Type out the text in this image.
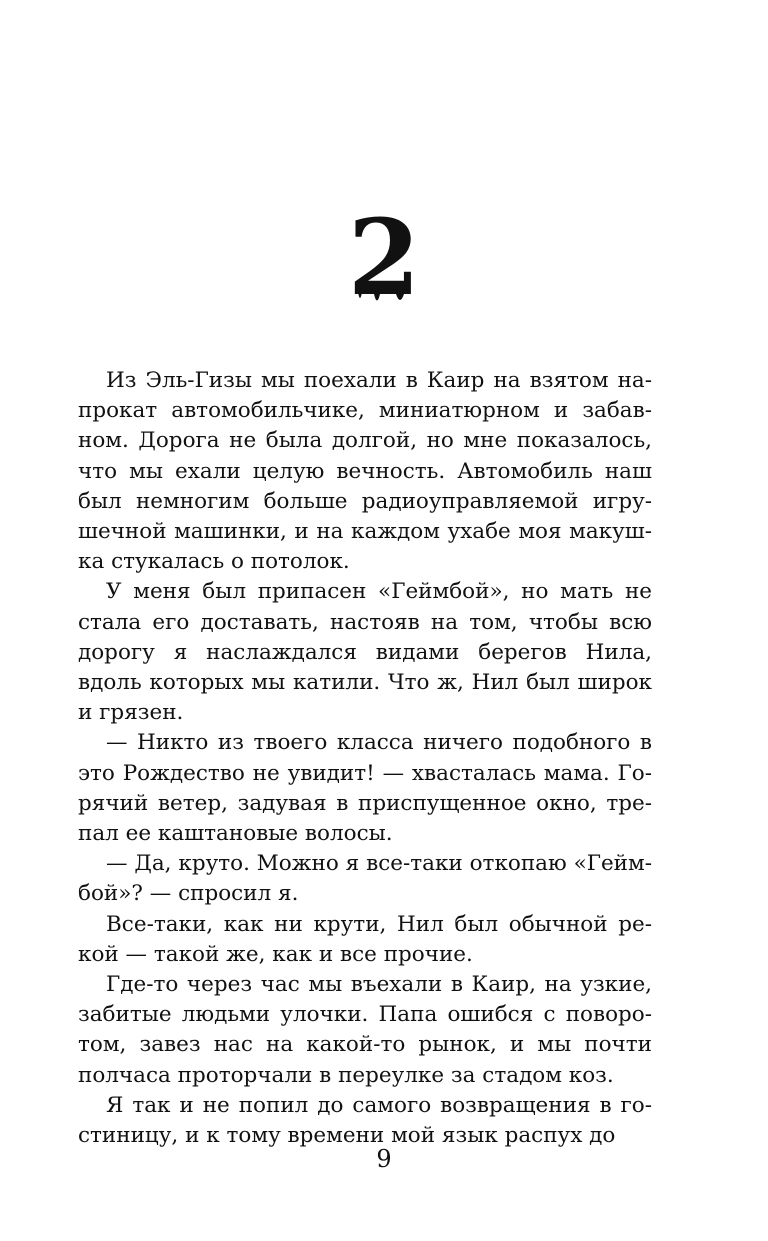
2

Из Эль-Гизы мы поехали в Каир на взятом напрокат автомобильчике, миниатюрном и забавном. Дорога не была долгой, но мне показалось, что мы ехали целую вечность. Автомобиль наш был немногим больше радиоуправляемой игрушечной машинки, и на каждом ухабе моя макушка стукалась о потолок.

У меня был припасен «Геймбой», но мать не стала его доставать, настояв на том, чтобы всю дорогу я наслаждался видами берегов Нила, вдоль которых мы катили. Что ж, Нил был широк и грязен.

— Никто из твоего класса ничего подобного в это Рождество не увидит! — хвасталась мама. Горячий ветер, задувая в приспущенное окно, трепал ее каштановые волосы.

— Да, круто. Можно я все-таки откопаю «Геймбой»? — спросил я.

Все-таки, как ни крути, Нил был обычной рекой — такой же, как и все прочие.

Где-то через час мы въехали в Каир, на узкие, забитые людьми улочки. Папа ошибся с поворотом, завез нас на какой-то рынок, и мы почти полчаса проторчали в переулке за стадом коз.

Я так и не попил до самого возвращения в гостиницу, и к тому времени мой язык распух до

9
